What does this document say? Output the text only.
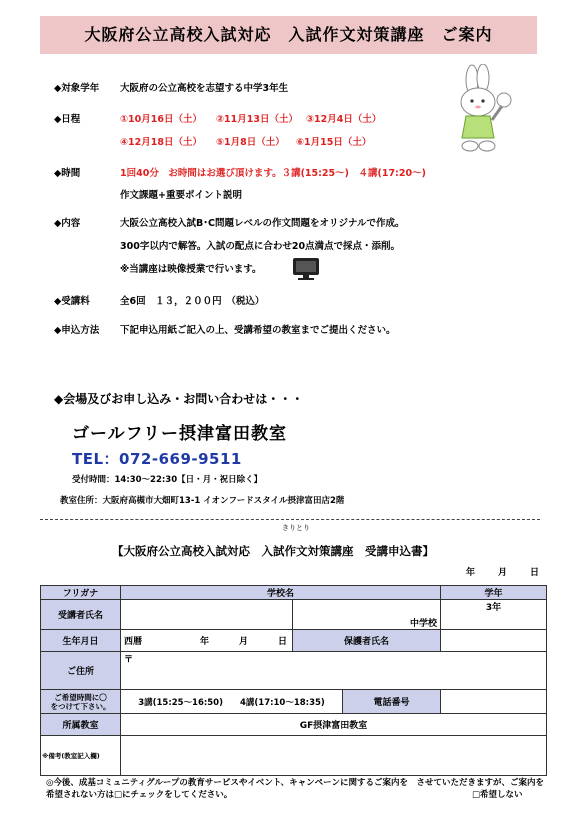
大阪府公立高校入試対応　入試作文対策講座　ご案内
◆対象学年 大阪府の公立高校を志望する中学3年生
◆日程	①10月16日（土） ②11月13日（土） ③12月4日（土）
④12月18日（土） ⑤1月8日（土） ⑥1月15日（土）
◆時間	1回40分　お時間はお選び頂けます。３講(15:25～)　４講(17:20～)
作文課題+重要ポイント説明
◆内容	大阪公立高校入試B･C問題レベルの作文問題をオリジナルで作成。
300字以内で解答。入試の配点に合わせ20点満点で採点・添削。
※当講座は映像授業で行います。
◆受講料	全6回　１３，２００円　（税込）
◆申込方法 下記申込用紙ご記入の上、受講希望の教室までご提出ください。
◆会場及びお申し込み・お問い合わせは・・・
ゴールフリー摂津富田教室
TEL：072-669-9511
受付時間：14:30～22:30【日・月・祝日除く】
教室住所：大阪府高槻市大畑町13-1 イオンフードスタイル摂津富田店2階
きりとり
【大阪府公立高校入試対応　入試作文対策講座　受講申込書】
年	月	日
フリガナ	学校名			学年
受講者氏名		中学校		3年
生年月日	西暦 年 月 日	保護者氏名		
ご住所	〒			
ご希望時間に〇
をつけて下さい。	3講(15:25～16:50)　　4講(17:10～18:35)		電話番号	
所属教室	GF摂津富田教室			
※備考(教室記入欄)				
◎今後、成基コミュニティグループの教育サービスやイベント、キャンペーンに関するご案内を　させていただきますが、ご案内を
希望されない方は□にチェックをしてください。	□希望しない
